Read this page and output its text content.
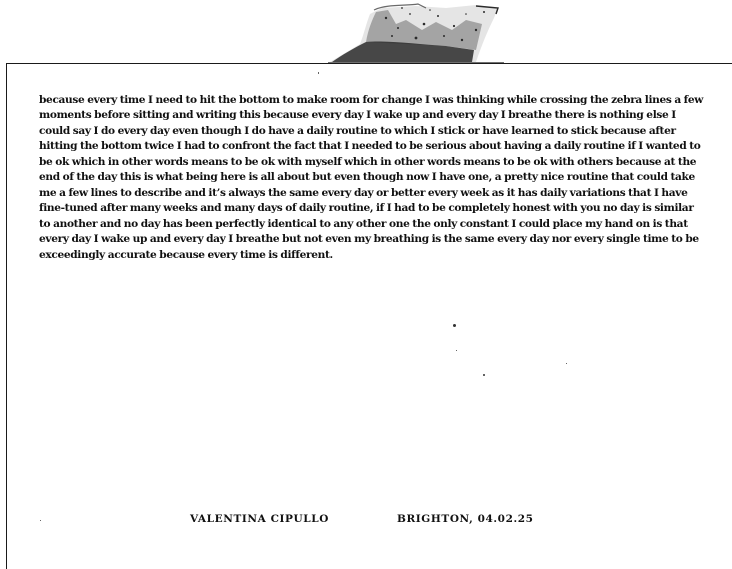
because every time I need to hit the bottom to make room for change I was thinking while crossing the zebra lines a few moments before sitting and writing this because every day I wake up and every day I breathe there is nothing else I could say I do every day even though I do have a daily routine to which I stick or have learned to stick because after hitting the bottom twice I had to confront the fact that I needed to be serious about having a daily routine if I wanted to be ok which in other words means to be ok with myself which in other words means to be ok with others because at the end of the day this is what being here is all about but even though now I have one, a pretty nice routine that could take me a few lines to describe and it’s always the same every day or better every week as it has daily variations that I have fine-tuned after many weeks and many days of daily routine, if I had to be completely honest with you no day is similar to another and no day has been perfectly identical to any other one the only constant I could place my hand on is that every day I wake up and every day I breathe but not even my breathing is the same every day nor every single time to be exceedingly accurate because every time is different.

VALENTINA CIPULLO	BRIGHTON, 04.02.25
